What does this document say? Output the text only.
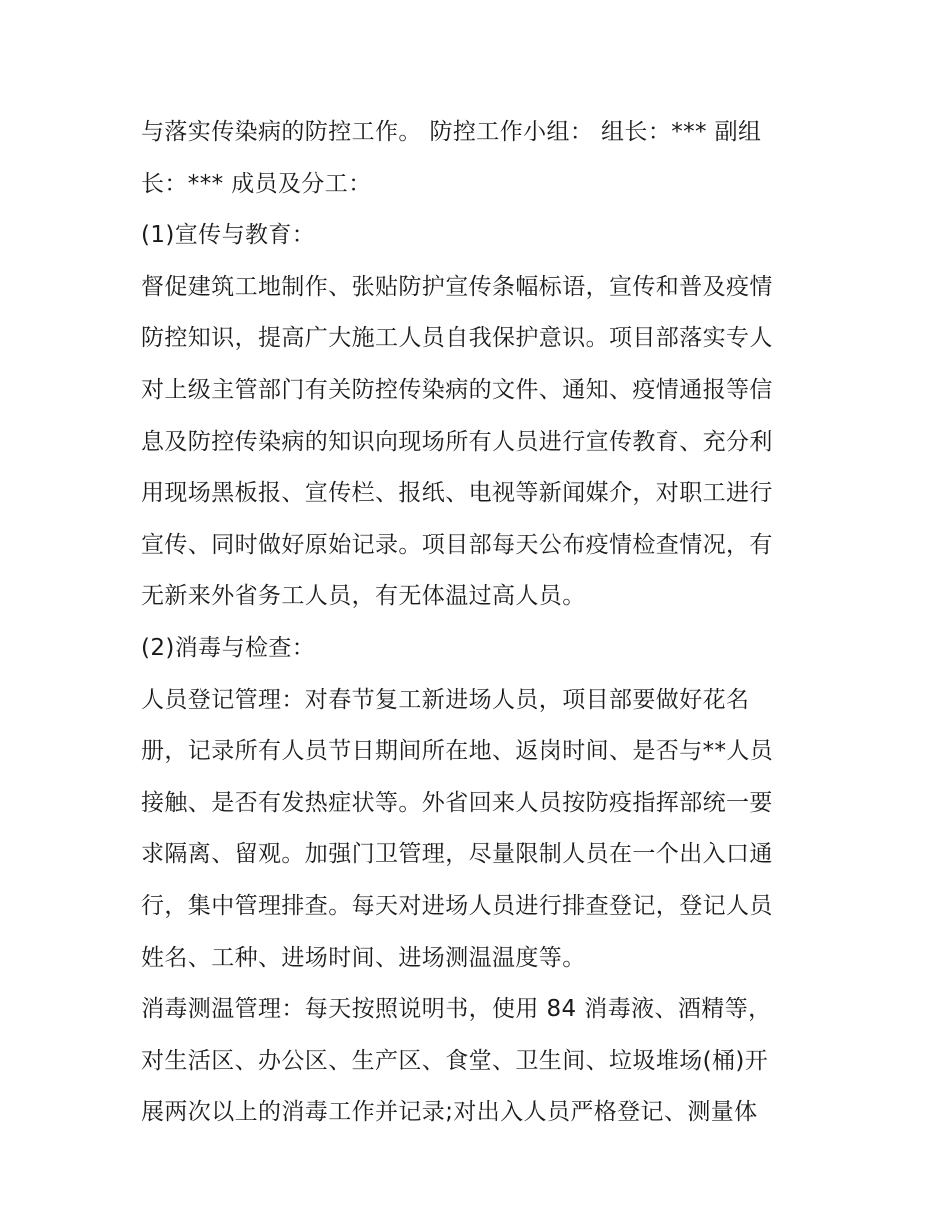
与落实传染病的防控工作。 防控工作小组： 组长：*** 副组
长：*** 成员及分工：
(1)宣传与教育：
督促建筑工地制作、张贴防护宣传条幅标语，宣传和普及疫情
防控知识，提高广大施工人员自我保护意识。项目部落实专人
对上级主管部门有关防控传染病的文件、通知、疫情通报等信
息及防控传染病的知识向现场所有人员进行宣传教育、充分利
用现场黑板报、宣传栏、报纸、电视等新闻媒介，对职工进行
宣传、同时做好原始记录。项目部每天公布疫情检查情况，有
无新来外省务工人员，有无体温过高人员。
(2)消毒与检查：
人员登记管理：对春节复工新进场人员，项目部要做好花名
册，记录所有人员节日期间所在地、返岗时间、是否与**人员
接触、是否有发热症状等。外省回来人员按防疫指挥部统一要
求隔离、留观。加强门卫管理，尽量限制人员在一个出入口通
行，集中管理排查。每天对进场人员进行排查登记，登记人员
姓名、工种、进场时间、进场测温温度等。
消毒测温管理：每天按照说明书，使用 84 消毒液、酒精等，
对生活区、办公区、生产区、食堂、卫生间、垃圾堆场(桶)开
展两次以上的消毒工作并记录;对出入人员严格登记、测量体
